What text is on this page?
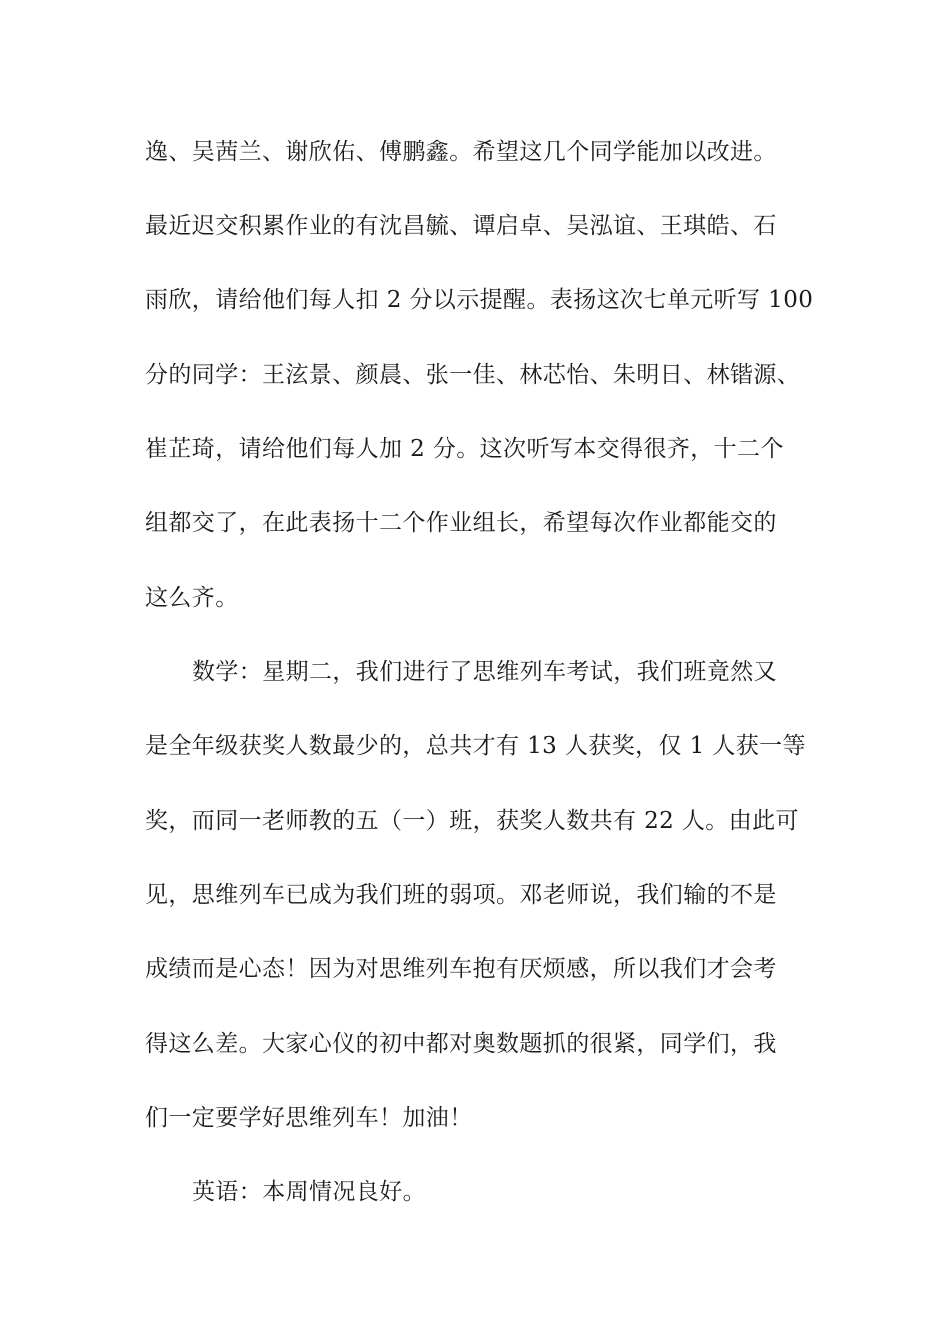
逸、吴茜兰、谢欣佑、傅鹏鑫。希望这几个同学能加以改进。
最近迟交积累作业的有沈昌毓、谭启卓、吴泓谊、王琪皓、石
雨欣，请给他们每人扣 2 分以示提醒。表扬这次七单元听写 100
分的同学：王泫景、颜晨、张一佳、林芯怡、朱明日、林锴源、
崔芷琦，请给他们每人加 2 分。这次听写本交得很齐，十二个
组都交了，在此表扬十二个作业组长，希望每次作业都能交的
这么齐。
数学：星期二，我们进行了思维列车考试，我们班竟然又
是全年级获奖人数最少的，总共才有 13 人获奖，仅 1 人获一等
奖，而同一老师教的五（一）班，获奖人数共有 22 人。由此可
见，思维列车已成为我们班的弱项。邓老师说，我们输的不是
成绩而是心态！因为对思维列车抱有厌烦感，所以我们才会考
得这么差。大家心仪的初中都对奥数题抓的很紧，同学们，我
们一定要学好思维列车！加油！
英语：本周情况良好。
